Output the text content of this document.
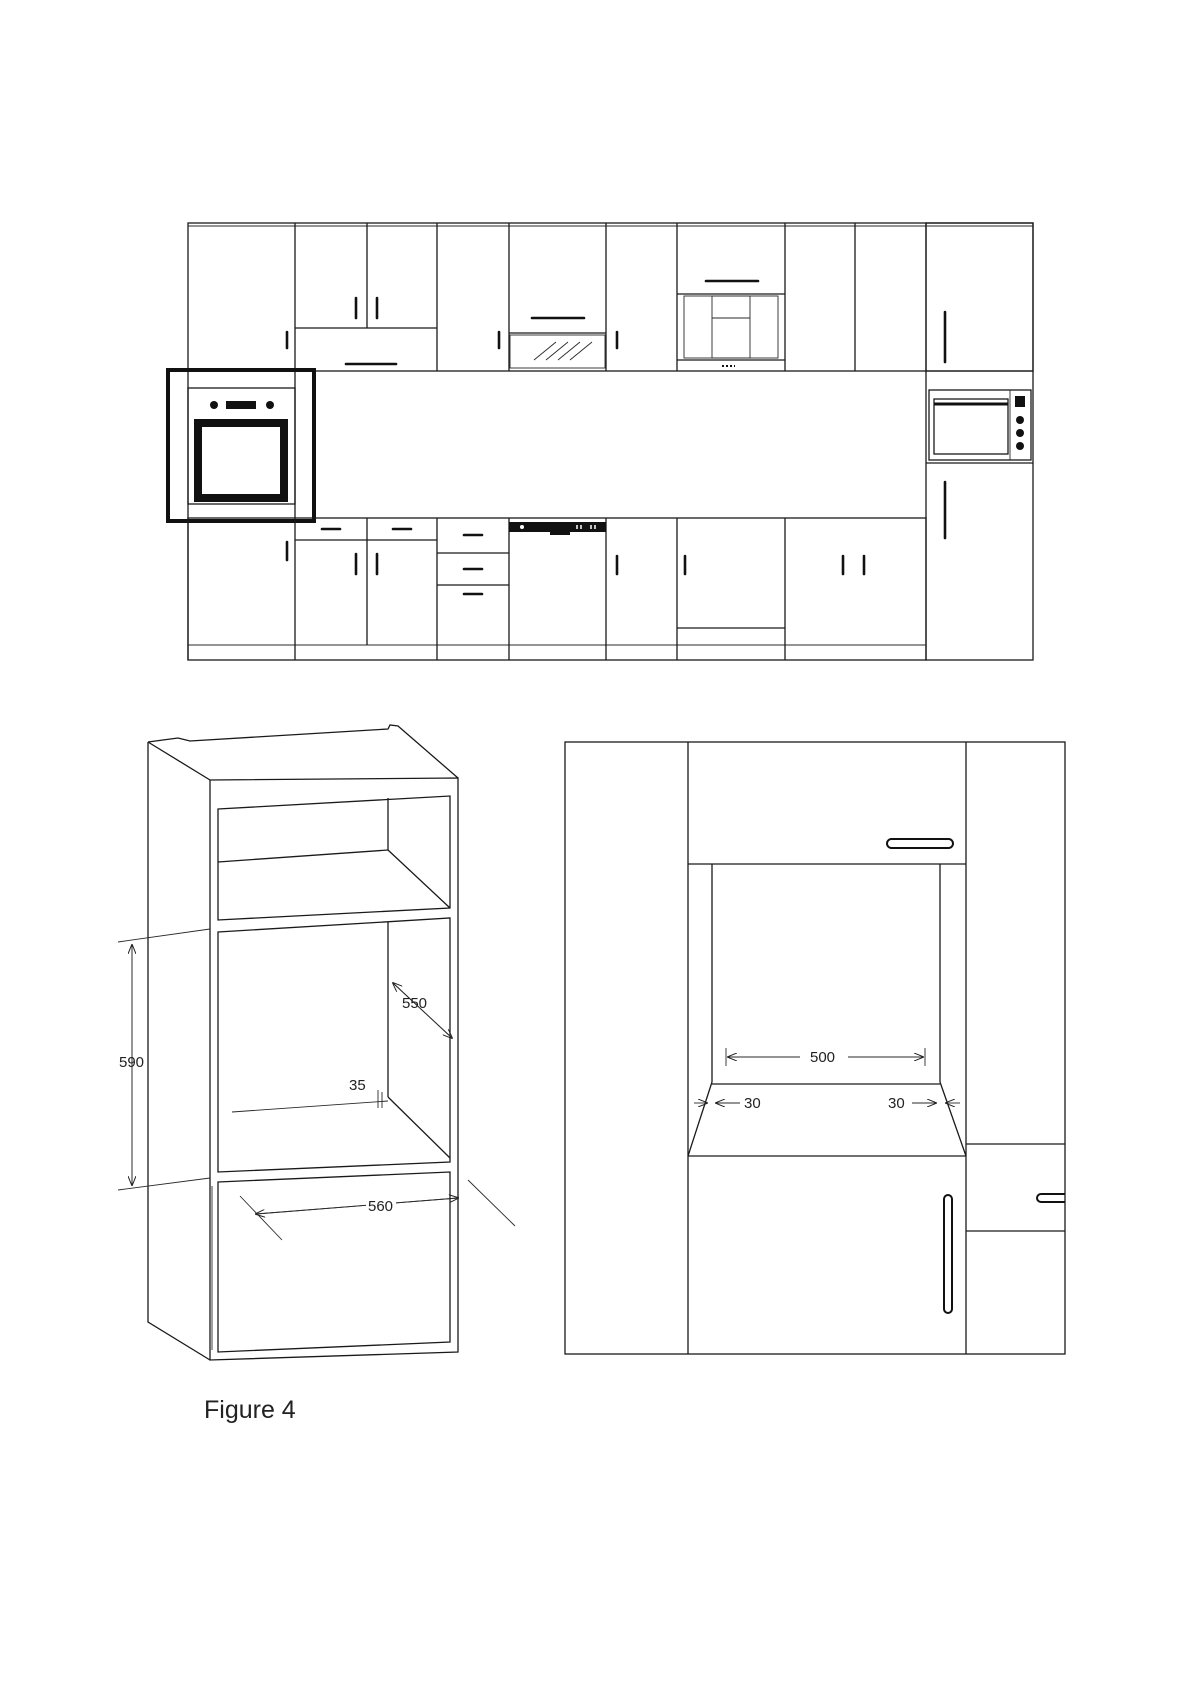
590
550
560
35
500
30	30
Figure 4
